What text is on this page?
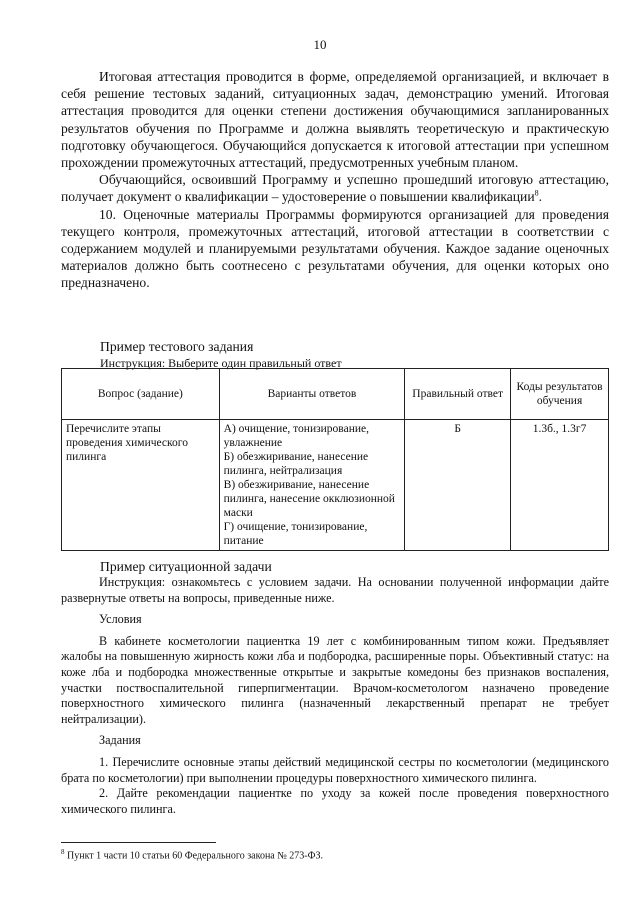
10

Итоговая аттестация проводится в форме, определяемой организацией, и включает в себя решение тестовых заданий, ситуационных задач, демонстрацию умений. Итоговая аттестация проводится для оценки степени достижения обучающимися запланированных результатов обучения по Программе и должна выявлять теоретическую и практическую подготовку обучающегося. Обучающийся допускается к итоговой аттестации при успешном прохождении промежуточных аттестаций, предусмотренных учебным планом.

Обучающийся, освоивший Программу и успешно прошедший итоговую аттестацию, получает документ о квалификации – удостоверение о повышении квалификации$^8$.

10. Оценочные материалы Программы формируются организацией для проведения текущего контроля, промежуточных аттестаций, итоговой аттестации в соответствии с содержанием модулей и планируемыми результатами обучения. Каждое задание оценочных материалов должно быть соотнесено с результатами обучения, для оценки которых оно предназначено.

Пример тестового задания
Инструкция: Выберите один правильный ответ
Вопрос (задание)	Варианты ответов	Правильный ответ	Коды результатов обучения
Перечислите этапы проведения химического пилинга	А) очищение, тонизирование, увлажнение
Б) обезжиривание, нанесение пилинга, нейтрализация
В) обезжиривание, нанесение пилинга, нанесение окклюзионной маски
Г) очищение, тонизирование, питание	Б	1.3б., 1.3г7
Пример ситуационной задачи

Инструкция: ознакомьтесь с условием задачи. На основании полученной информации дайте развернутые ответы на вопросы, приведенные ниже.

Условия

В кабинете косметологии пациентка 19 лет с комбинированным типом кожи. Предъявляет жалобы на повышенную жирность кожи лба и подбородка, расширенные поры. Объективный статус: на коже лба и подбородка множественные открытые и закрытые комедоны без признаков воспаления, участки поствоспалительной гиперпигментации. Врачом-косметологом назначено проведение поверхностного химического пилинга (назначенный лекарственный препарат не требует нейтрализации).

Задания

1. Перечислите основные этапы действий медицинской сестры по косметологии (медицинского брата по косметологии) при выполнении процедуры поверхностного химического пилинга.

2. Дайте рекомендации пациентке по уходу за кожей после проведения поверхностного химического пилинга.

$^8$ Пункт 1 части 10 статьи 60 Федерального закона № 273-ФЗ.
